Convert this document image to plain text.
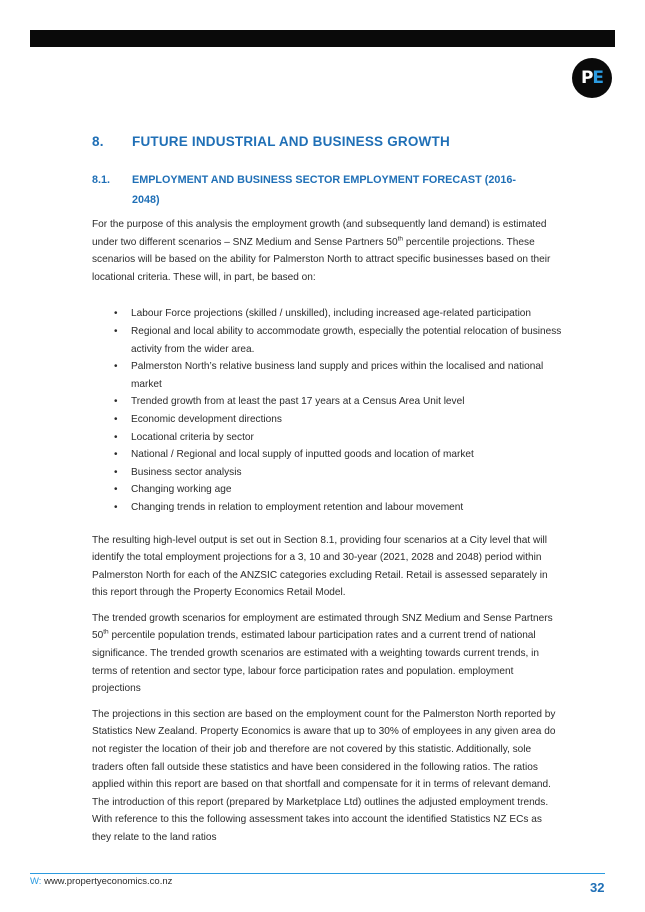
PE
8. FUTURE INDUSTRIAL AND BUSINESS GROWTH
8.1.	EMPLOYMENT AND BUSINESS SECTOR EMPLOYMENT FORECAST (2016-2048)

For the purpose of this analysis the employment growth (and subsequently land demand) is estimated under two different scenarios – SNZ Medium and Sense Partners 50th percentile projections. These scenarios will be based on the ability for Palmerston North to attract specific businesses based on their locational criteria. These will, in part, be based on:

• Labour Force projections (skilled / unskilled), including increased age-related participation
• Regional and local ability to accommodate growth, especially the potential relocation of business activity from the wider area.
• Palmerston North’s relative business land supply and prices within the localised and national market
• Trended growth from at least the past 17 years at a Census Area Unit level
• Economic development directions
• Locational criteria by sector
• National / Regional and local supply of inputted goods and location of market
• Business sector analysis
• Changing working age
• Changing trends in relation to employment retention and labour movement

The resulting high-level output is set out in Section 8.1, providing four scenarios at a City level that will identify the total employment projections for a 3, 10 and 30-year (2021, 2028 and 2048) period within Palmerston North for each of the ANZSIC categories excluding Retail. Retail is assessed separately in this report through the Property Economics Retail Model.

The trended growth scenarios for employment are estimated through SNZ Medium and Sense Partners 50th percentile population trends, estimated labour participation rates and a current trend of national significance. The trended growth scenarios are estimated with a weighting towards current trends, in terms of retention and sector type, labour force participation rates and population. employment projections

The projections in this section are based on the employment count for the Palmerston North reported by Statistics New Zealand. Property Economics is aware that up to 30% of employees in any given area do not register the location of their job and therefore are not covered by this statistic. Additionally, sole traders often fall outside these statistics and have been considered in the following ratios. The ratios applied within this report are based on that shortfall and compensate for it in terms of relevant demand. The introduction of this report (prepared by Marketplace Ltd) outlines the adjusted employment trends. With reference to this the following assessment takes into account the identified Statistics NZ ECs as they relate to the land ratios

W: www.propertyeconomics.co.nz	32
